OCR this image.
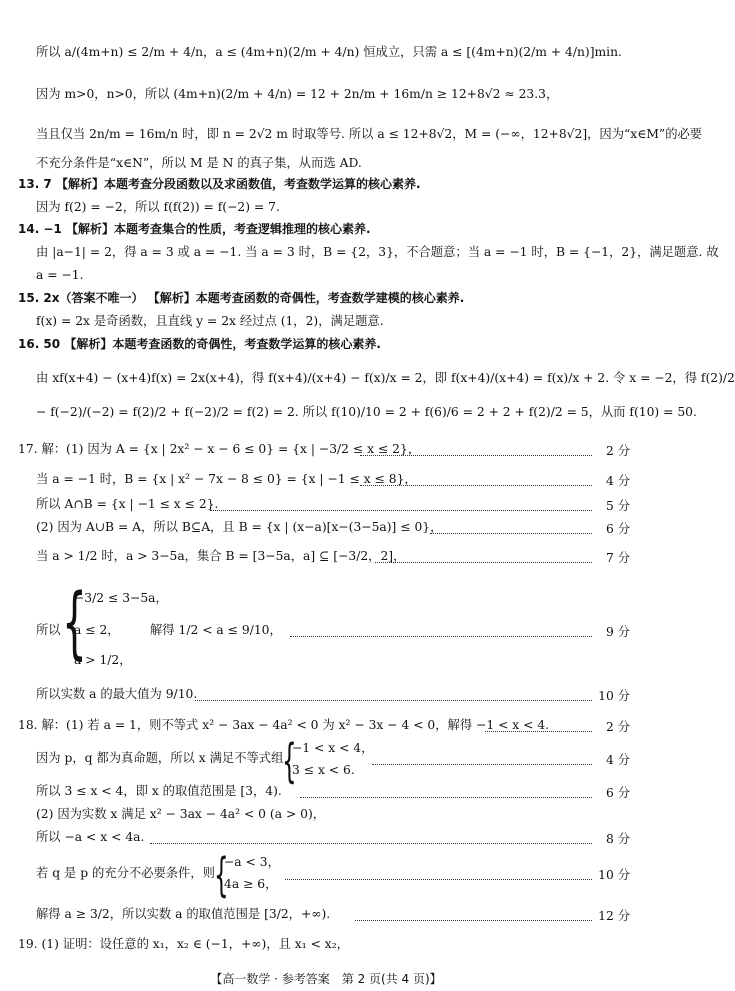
所以 a/(4m+n) ≤ 2/m + 4/n，a ≤ (4m+n)(2/m + 4/n) 恒成立，只需 a ≤ [(4m+n)(2/m + 4/n)]min.
因为 m>0，n>0，所以 (4m+n)(2/m + 4/n) = 12 + 2n/m + 16m/n ≥ 12+8√2 ≈ 23.3，
当且仅当 2n/m = 16m/n 时，即 n = 2√2 m 时取等号. 所以 a ≤ 12+8√2，M = (−∞，12+8√2]，因为“x∈M”的必要
不充分条件是“x∈N”，所以 M 是 N 的真子集，从而选 AD.
13. 7 【解析】本题考查分段函数以及求函数值，考查数学运算的核心素养.
因为 f(2) = −2，所以 f(f(2)) = f(−2) = 7.
14. −1 【解析】本题考查集合的性质，考查逻辑推理的核心素养.
由 |a−1| = 2，得 a = 3 或 a = −1. 当 a = 3 时，B = {2，3}，不合题意；当 a = −1 时，B = {−1，2}，满足题意. 故
a = −1.
15. 2x（答案不唯一） 【解析】本题考查函数的奇偶性，考查数学建模的核心素养.
f(x) = 2x 是奇函数，且直线 y = 2x 经过点 (1，2)，满足题意.
16. 50 【解析】本题考查函数的奇偶性，考查数学运算的核心素养.
由 xf(x+4) − (x+4)f(x) = 2x(x+4)，得 f(x+4)/(x+4) − f(x)/x = 2，即 f(x+4)/(x+4) = f(x)/x + 2. 令 x = −2，得 f(2)/2
− f(−2)/(−2) = f(2)/2 + f(−2)/2 = f(2) = 2. 所以 f(10)/10 = 2 + f(6)/6 = 2 + 2 + f(2)/2 = 5，从而 f(10) = 50.
17. 解：(1) 因为 A = {x | 2x² − x − 6 ≤ 0} = {x | −3/2 ≤ x ≤ 2}，	2 分
当 a = −1 时，B = {x | x² − 7x − 8 ≤ 0} = {x | −1 ≤ x ≤ 8}，	4 分
所以 A∩B = {x | −1 ≤ x ≤ 2}.	5 分
(2) 因为 A∪B = A，所以 B⊆A，且 B = {x | (x−a)[x−(3−5a)] ≤ 0}，	6 分
当 a > 1/2 时，a > 3−5a，集合 B = [3−5a，a] ⊆ [−3/2，2]，	7 分
所以 {
−3/2 ≤ 3−5a，
a ≤ 2，
a > 1/2，
解得 1/2 < a ≤ 9/10，	9 分
所以实数 a 的最大值为 9/10.	10 分
18. 解：(1) 若 a = 1，则不等式 x² − 3ax − 4a² < 0 为 x² − 3x − 4 < 0，解得 −1 < x < 4.	2 分
因为 p，q 都为真命题，所以 x 满足不等式组
{
−1 < x < 4，
3 ≤ x < 6.
4 分
所以 3 ≤ x < 4，即 x 的取值范围是 [3，4).	6 分
(2) 因为实数 x 满足 x² − 3ax − 4a² < 0 (a > 0)，
所以 −a < x < 4a.	8 分
若 q 是 p 的充分不必要条件，则 {
−a < 3，
4a ≥ 6，
10 分
解得 a ≥ 3/2，所以实数 a 的取值范围是 [3/2，+∞).	12 分
19. (1) 证明：设任意的 x₁，x₂ ∈ (−1，+∞)，且 x₁ < x₂，
【高一数学 · 参考答案　第 2 页(共 4 页)】
